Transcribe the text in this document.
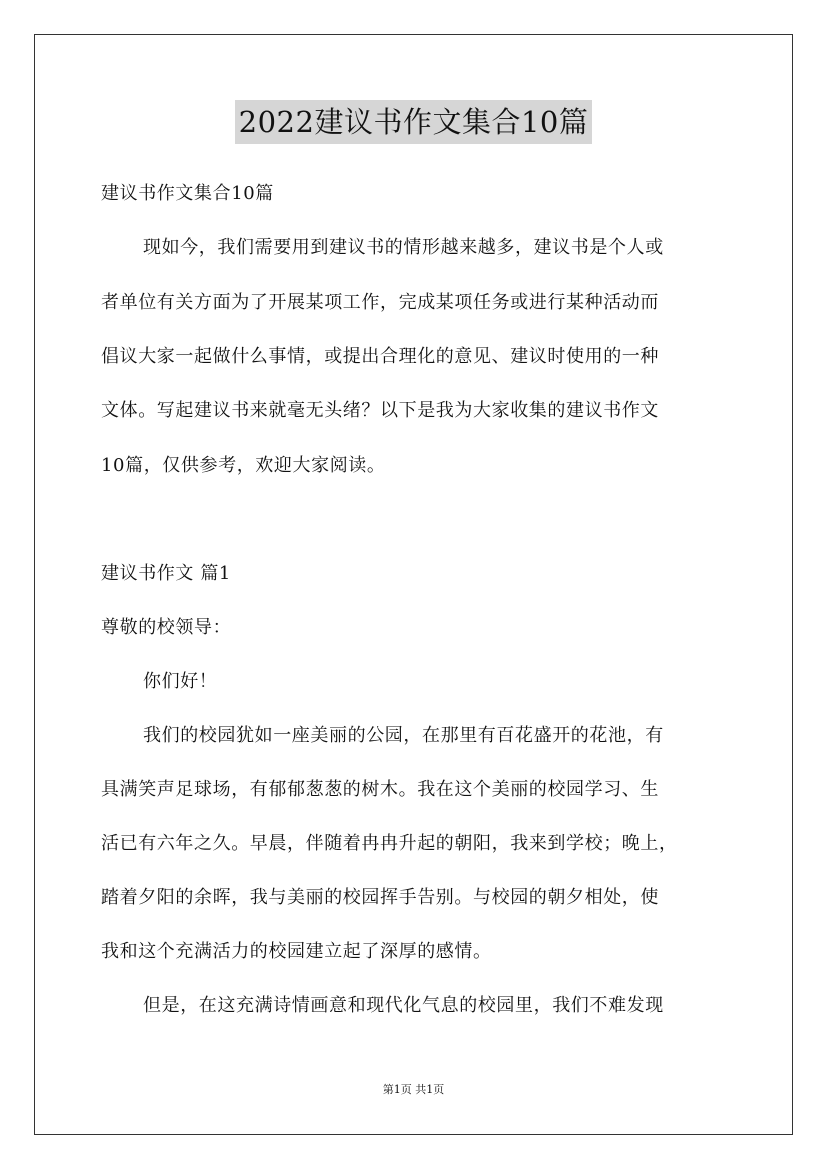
2022建议书作文集合10篇
建议书作文集合10篇
现如今，我们需要用到建议书的情形越来越多，建议书是个人或
者单位有关方面为了开展某项工作，完成某项任务或进行某种活动而
倡议大家一起做什么事情，或提出合理化的意见、建议时使用的一种
文体。写起建议书来就毫无头绪？以下是我为大家收集的建议书作文
10篇，仅供参考，欢迎大家阅读。
建议书作文 篇1
尊敬的校领导：
你们好！
我们的校园犹如一座美丽的公园，在那里有百花盛开的花池，有
具满笑声足球场，有郁郁葱葱的树木。我在这个美丽的校园学习、生
活已有六年之久。早晨，伴随着冉冉升起的朝阳，我来到学校；晚上，
踏着夕阳的余晖，我与美丽的校园挥手告别。与校园的朝夕相处，使
我和这个充满活力的校园建立起了深厚的感情。
但是，在这充满诗情画意和现代化气息的校园里，我们不难发现
第1页 共1页
